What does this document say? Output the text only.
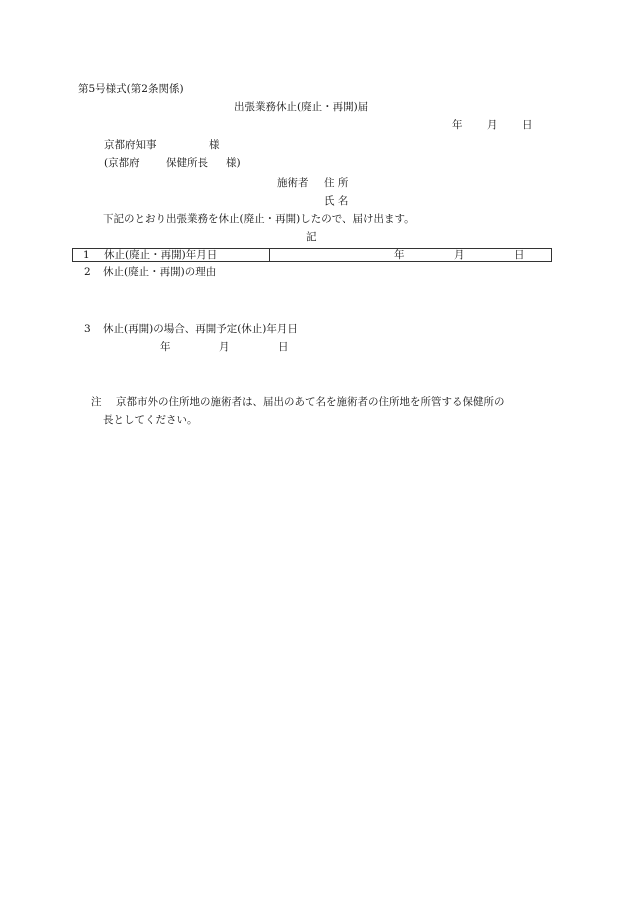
第5号様式(第2条関係)
出張業務休止(廃止・再開)届
年 月 日
京都府知事	様
(京都府	保健所長 様)
施術者 住 所
氏 名
下記のとおり出張業務を休止(廃止・再開)したので、届け出ます。
記
1 休止(廃止・再開)年月日	年	月	日
2 休止(廃止・再開)の理由
3 休止(再開)の場合、再開予定(休止)年月日
年	月	日
注 京都市外の住所地の施術者は、届出のあて名を施術者の住所地を所管する保健所の
長としてください。
